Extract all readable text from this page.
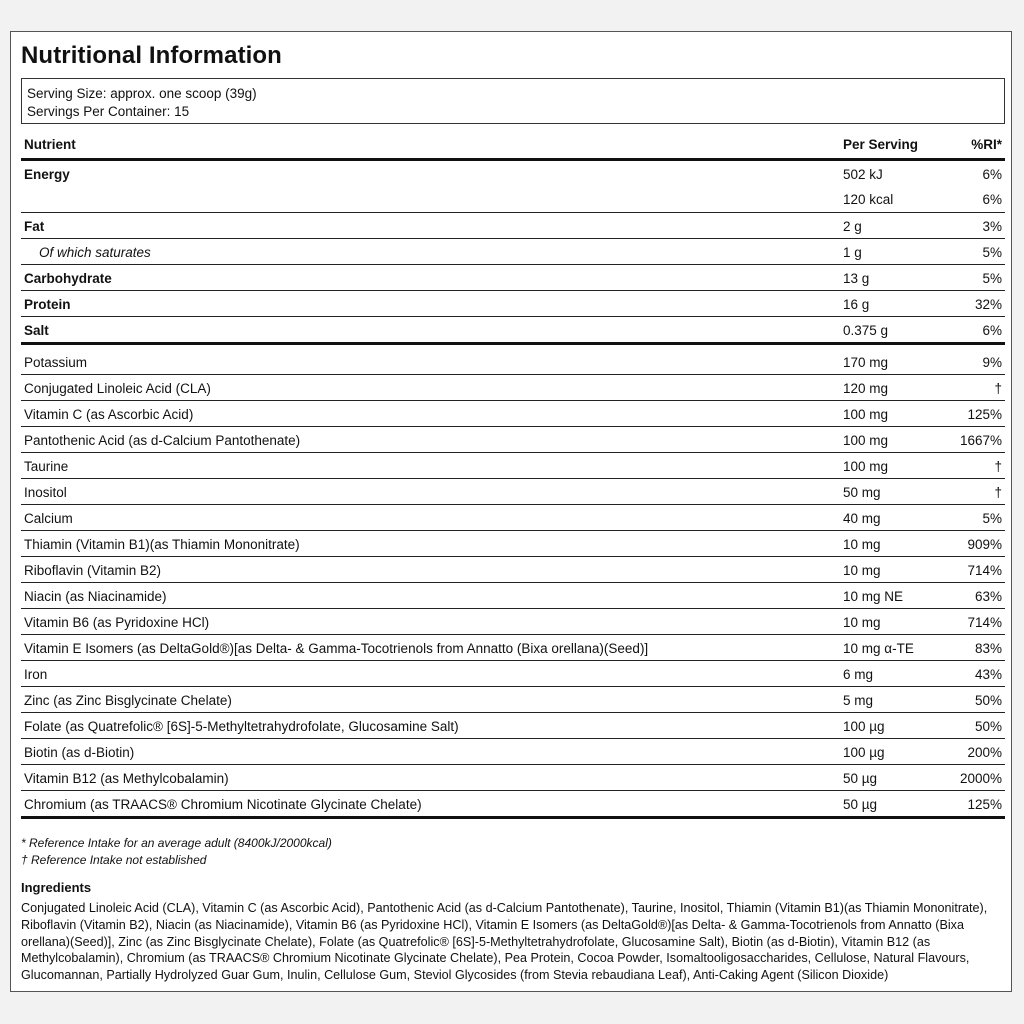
Nutritional Information
Serving Size: approx. one scoop (39g)
Servings Per Container: 15
Nutrient	Per Serving	%RI*
Energy	502 kJ	6%
120 kcal	6%
Fat	2 g	3%
Of which saturates	1 g	5%
Carbohydrate	13 g	5%
Protein	16 g	32%
Salt	0.375 g	6%
Potassium	170 mg	9%
Conjugated Linoleic Acid (CLA)	120 mg	†
Vitamin C (as Ascorbic Acid)	100 mg	125%
Pantothenic Acid (as d-Calcium Pantothenate)	100 mg	1667%
Taurine	100 mg	†
Inositol	50 mg	†
Calcium	40 mg	5%
Thiamin (Vitamin B1)(as Thiamin Mononitrate)	10 mg	909%
Riboflavin (Vitamin B2)	10 mg	714%
Niacin (as Niacinamide)	10 mg NE	63%
Vitamin B6 (as Pyridoxine HCl)	10 mg	714%
Vitamin E Isomers (as DeltaGold®)[as Delta- & Gamma-Tocotrienols from Annatto (Bixa orellana)(Seed)]	10 mg α-TE	83%
Iron	6 mg	43%
Zinc (as Zinc Bisglycinate Chelate)	5 mg	50%
Folate (as Quatrefolic® [6S]-5-Methyltetrahydrofolate, Glucosamine Salt)	100 µg	50%
Biotin (as d-Biotin)	100 µg	200%
Vitamin B12 (as Methylcobalamin)	50 µg	2000%
Chromium (as TRAACS® Chromium Nicotinate Glycinate Chelate)	50 µg	125%
* Reference Intake for an average adult (8400kJ/2000kcal)
† Reference Intake not established
Ingredients
Conjugated Linoleic Acid (CLA), Vitamin C (as Ascorbic Acid), Pantothenic Acid (as d-Calcium Pantothenate), Taurine, Inositol, Thiamin (Vitamin B1)(as Thiamin Mononitrate), Riboflavin (Vitamin B2), Niacin (as Niacinamide), Vitamin B6 (as Pyridoxine HCl), Vitamin E Isomers (as DeltaGold®)[as Delta- & Gamma-Tocotrienols from Annatto (Bixa orellana)(Seed)], Zinc (as Zinc Bisglycinate Chelate), Folate (as Quatrefolic® [6S]-5-Methyltetrahydrofolate, Glucosamine Salt), Biotin (as d-Biotin), Vitamin B12 (as Methylcobalamin), Chromium (as TRAACS® Chromium Nicotinate Glycinate Chelate), Pea Protein, Cocoa Powder, Isomaltooligosaccharides, Cellulose, Natural Flavours, Glucomannan, Partially Hydrolyzed Guar Gum, Inulin, Cellulose Gum, Steviol Glycosides (from Stevia rebaudiana Leaf), Anti-Caking Agent (Silicon Dioxide)
